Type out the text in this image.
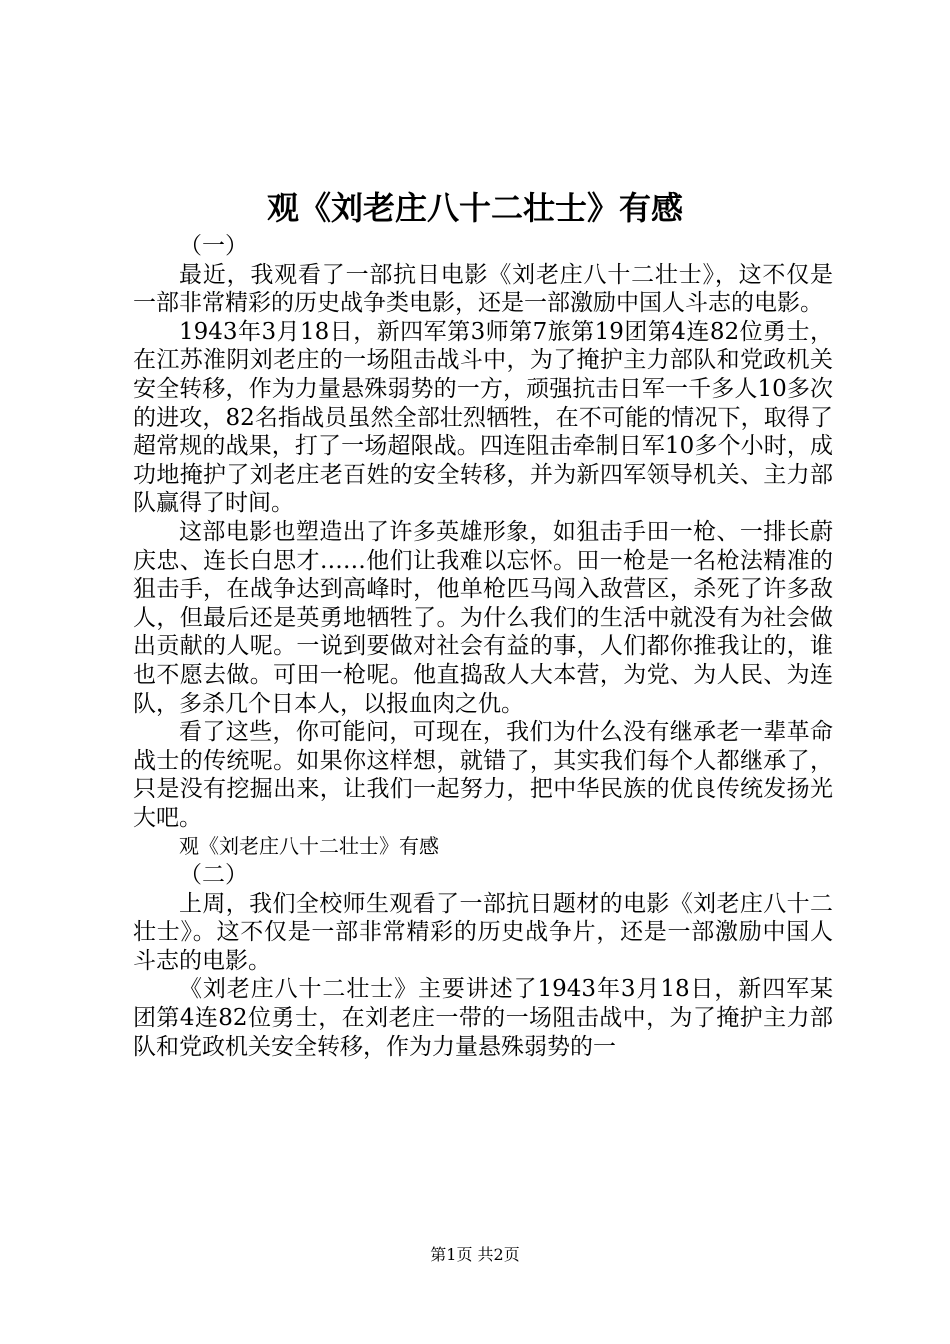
观《刘老庄八十二壮士》有感

（一）

最近，我观看了一部抗日电影《刘老庄八十二壮士》，这不仅是一部非常精彩的历史战争类电影，还是一部激励中国人斗志的电影。

1943年3月18日，新四军第3师第7旅第19团第4连82位勇士，在江苏淮阴刘老庄的一场阻击战斗中，为了掩护主力部队和党政机关安全转移，作为力量悬殊弱势的一方，顽强抗击日军一千多人10多次的进攻，82名指战员虽然全部壮烈牺牲，在不可能的情况下，取得了超常规的战果，打了一场超限战。四连阻击牵制日军10多个小时，成功地掩护了刘老庄老百姓的安全转移，并为新四军领导机关、主力部队赢得了时间。

这部电影也塑造出了许多英雄形象，如狙击手田一枪、一排长蔚庆忠、连长白思才……他们让我难以忘怀。田一枪是一名枪法精准的狙击手，在战争达到高峰时，他单枪匹马闯入敌营区，杀死了许多敌人，但最后还是英勇地牺牲了。为什么我们的生活中就没有为社会做出贡献的人呢。一说到要做对社会有益的事，人们都你推我让的，谁也不愿去做。可田一枪呢。他直捣敌人大本营，为党、为人民、为连队，多杀几个日本人，以报血肉之仇。

看了这些，你可能问，可现在，我们为什么没有继承老一辈革命战士的传统呢。如果你这样想，就错了，其实我们每个人都继承了，只是没有挖掘出来，让我们一起努力，把中华民族的优良传统发扬光大吧。

观《刘老庄八十二壮士》有感

（二）

上周，我们全校师生观看了一部抗日题材的电影《刘老庄八十二壮士》。这不仅是一部非常精彩的历史战争片，还是一部激励中国人斗志的电影。

《刘老庄八十二壮士》主要讲述了1943年3月18日，新四军某团第4连82位勇士，在刘老庄一带的一场阻击战中，为了掩护主力部队和党政机关安全转移，作为力量悬殊弱势的一

第1页 共2页
